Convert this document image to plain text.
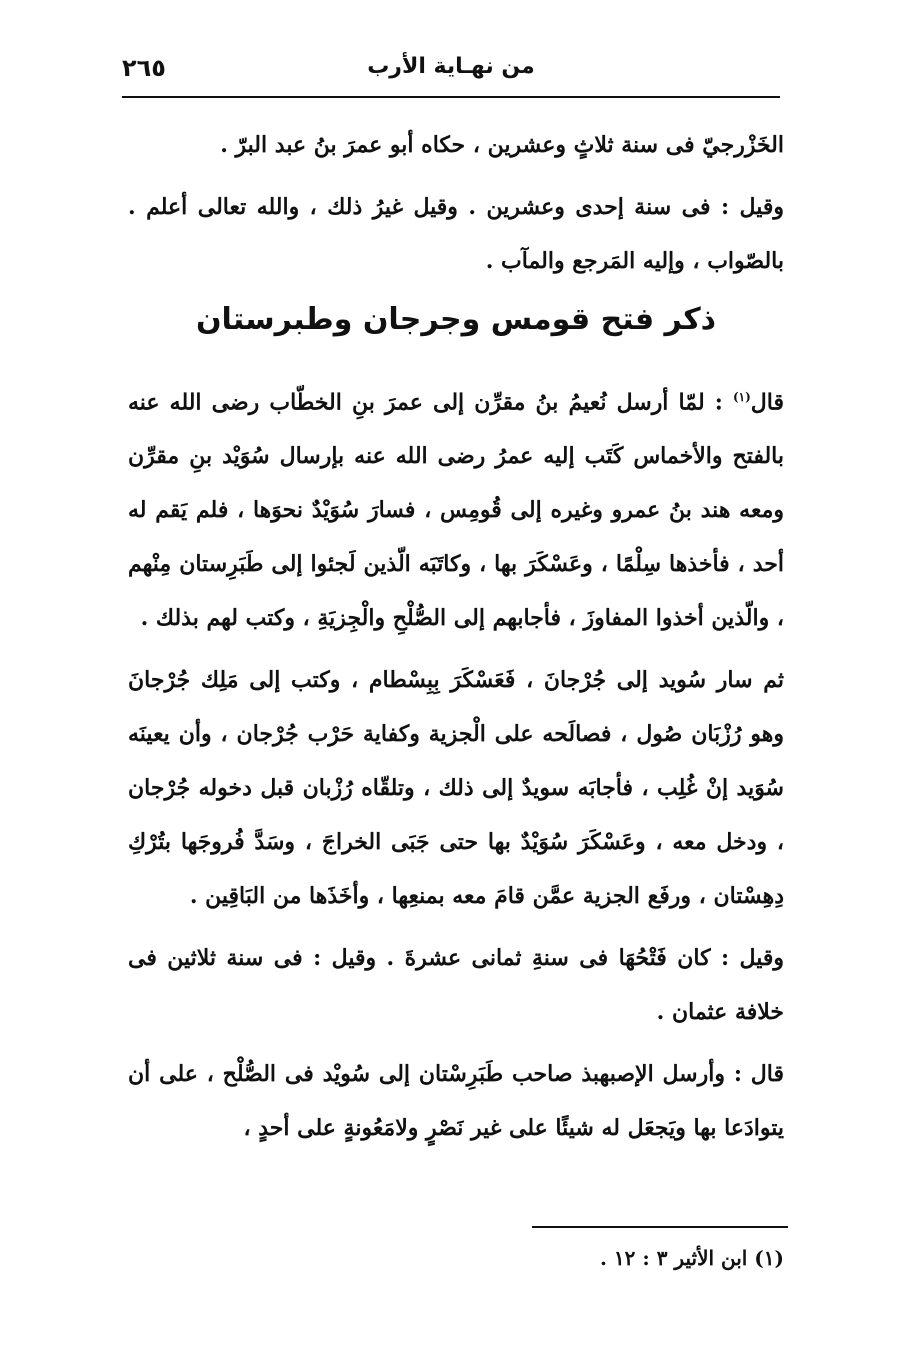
٢٦٥	من نهـاية الأرب

الخَزْرجيّ فى سنة ثلاثٍ وعشرين ، حكاه أبو عمرَ بنُ عبد البرّ .

وقيل : فى سنة إحدى وعشرين . وقيل غيرُ ذلك ، والله تعالى أعلم . بالصّواب ، وإليه المَرجع والمآب .

ذكر فتح قومس وجرجان وطبرستان

قال$^{(١)}$ : لمّا أرسل نُعيمُ بنُ مقرِّن إلى عمرَ بنِ الخطّاب رضى الله عنه بالفتح والأخماس كَتَب إليه عمرُ رضى الله عنه بإرسال سُوَيْد بنِ مقرِّن ومعه هند بنُ عمرو وغيره إلى قُومِس ، فسارَ سُوَيْدٌ نحوَها ، فلم يَقم له أحد ، فأخذها سِلْمًا ، وعَسْكَرَ بها ، وكاتَبَه الّذين لَجئوا إلى طَبَرِستان مِنْهم ، والّذين أخذوا المفاوزَ ، فأجابهم إلى الصُّلْحِ والْجِزيَةِ ، وكتب لهم بذلك .

ثم سار سُويد إلى جُرْجانَ ، فَعَسْكَرَ بِبِسْطام ، وكتب إلى مَلِك جُرْجانَ وهو رُزْبَان صُول ، فصالَحه على الْجزية وكفاية حَرْب جُرْجان ، وأن يعينَه سُوَيد إنْ غُلِب ، فأجابَه سويدٌ إلى ذلك ، وتلقّاه رُزْبان قبل دخوله جُرْجان ، ودخل معه ، وعَسْكَرَ سُوَيْدٌ بها حتى جَبَى الخراجَ ، وسَدَّ فُروجَها بتُرْكِ دِهِسْتان ، ورفَع الجزية عمَّن قامَ معه بمنعِها ، وأخَذَها من البَاقِين .

وقيل : كان فَتْحُهَا فى سنةِ ثمانى عشرةَ . وقيل : فى سنة ثلاثين فى خلافة عثمان .

قال : وأرسل الإصبهبذ صاحب طَبَرِسْتان إلى سُويْد فى الصُّلْح ، على أن يتوادَعا بها ويَجعَل له شيئًا على غير نَصْرٍ ولامَعُونةٍ على أحدٍ ،

(١) ابن الأثير ٣ : ١٢ .
